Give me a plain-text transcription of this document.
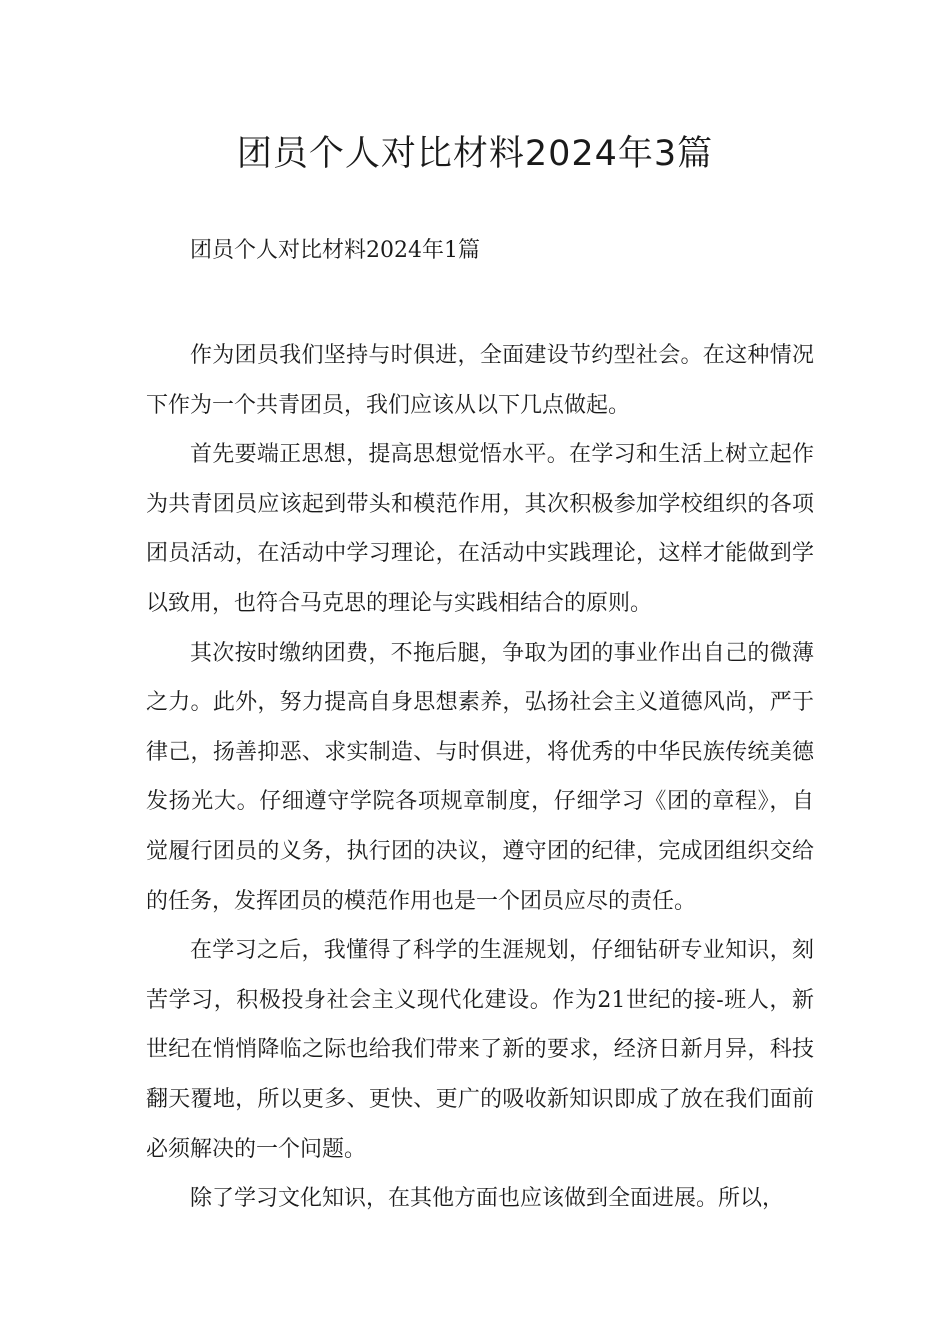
团员个人对比材料2024年3篇

团员个人对比材料2024年1篇

作为团员我们坚持与时俱进，全面建设节约型社会。在这种情况下作为一个共青团员，我们应该从以下几点做起。

首先要端正思想，提高思想觉悟水平。在学习和生活上树立起作为共青团员应该起到带头和模范作用，其次积极参加学校组织的各项团员活动，在活动中学习理论，在活动中实践理论，这样才能做到学以致用，也符合马克思的理论与实践相结合的原则。

其次按时缴纳团费，不拖后腿，争取为团的事业作出自己的微薄之力。此外，努力提高自身思想素养，弘扬社会主义道德风尚，严于律己，扬善抑恶、求实制造、与时俱进，将优秀的中华民族传统美德发扬光大。仔细遵守学院各项规章制度，仔细学习《团的章程》，自觉履行团员的义务，执行团的决议，遵守团的纪律，完成团组织交给的任务，发挥团员的模范作用也是一个团员应尽的责任。

在学习之后，我懂得了科学的生涯规划，仔细钻研专业知识，刻苦学习，积极投身社会主义现代化建设。作为21世纪的接-班人，新世纪在悄悄降临之际也给我们带来了新的要求，经济日新月异，科技翻天覆地，所以更多、更快、更广的吸收新知识即成了放在我们面前必须解决的一个问题。

除了学习文化知识，在其他方面也应该做到全面进展。所以，
